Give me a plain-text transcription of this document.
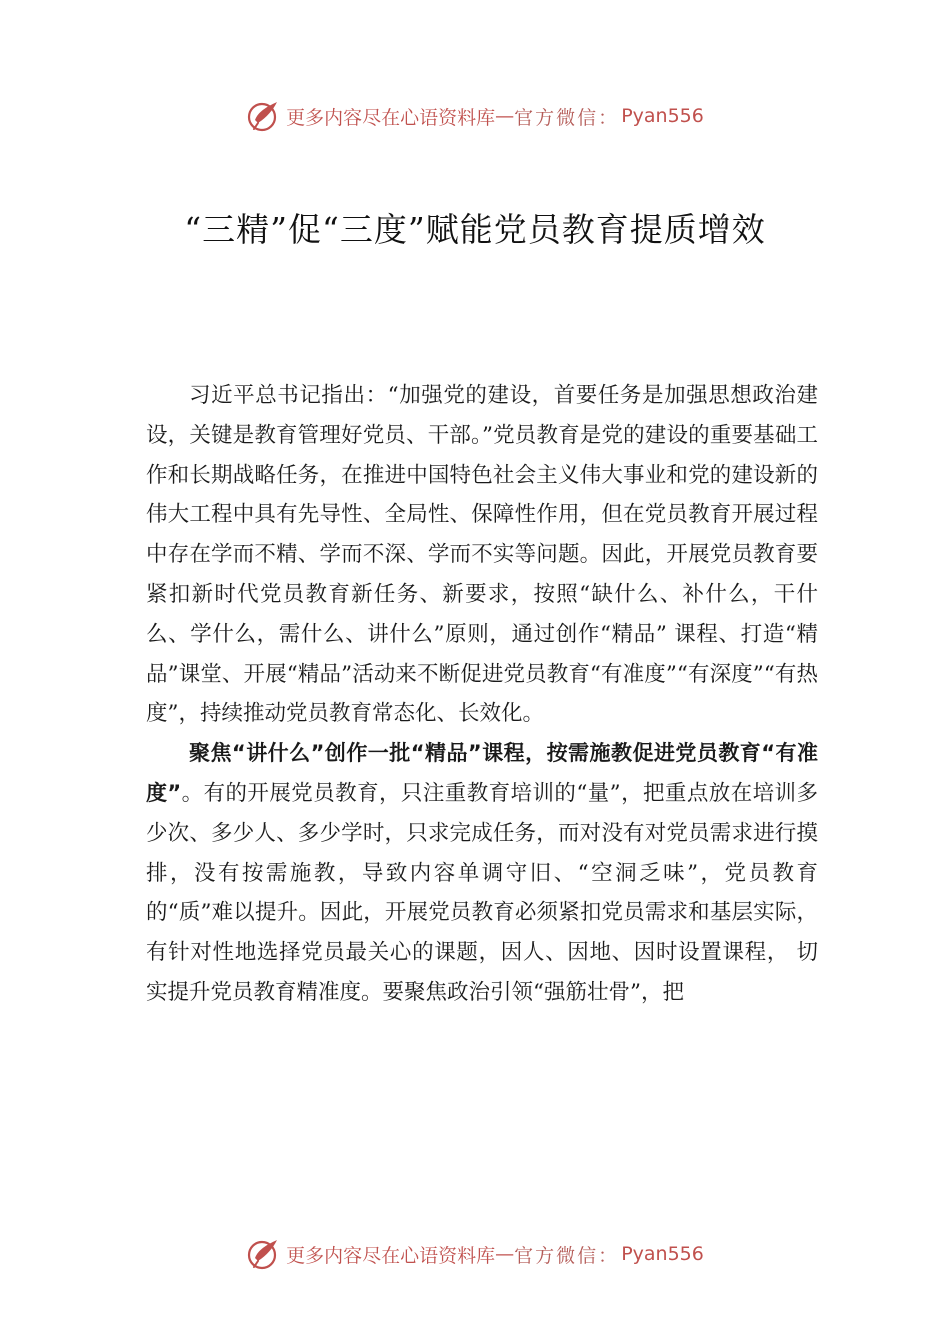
更多内容尽在心语资料库 — 官方微信： Pyan556
“三精”促“三度”赋能党员教育提质增效

习近平总书记指出：“加强党的建设，首要任务是加强思想政治建设，关键是教育管理好党员、干部。”党员教育是党的建设的重要基础工作和长期战略任务，在推进中国特色社会主义伟大事业和党的建设新的伟大工程中具有先导性、全局性、保障性作用，但在党员教育开展过程中存在学而不精、学而不深、学而不实等问题。因此，开展党员教育要紧扣新时代党员教育新任务、新要求，按照“缺什么、补什么，干什么、学什么，需什么、讲什么”原则，通过创作“精品” 课程、打造“精品”课堂、开展“精品”活动来不断促进党员教育“有准度”“有深度”“有热度”，持续推动党员教育常态化、长效化。

聚焦“讲什么”创作一批“精品”课程，按需施教促进党员教育“有准度”。有的开展党员教育，只注重教育培训的“量”，把重点放在培训多少次、多少人、多少学时，只求完成任务，而对没有对党员需求进行摸排，没有按需施教，导致内容单调守旧、“空洞乏味”，党员教育的“质”难以提升。因此，开展党员教育必须紧扣党员需求和基层实际，有针对性地选择党员最关心的课题，因人、因地、因时设置课程， 切实提升党员教育精准度。要聚焦政治引领“强筋壮骨”，把

更多内容尽在心语资料库 — 官方微信： Pyan556
